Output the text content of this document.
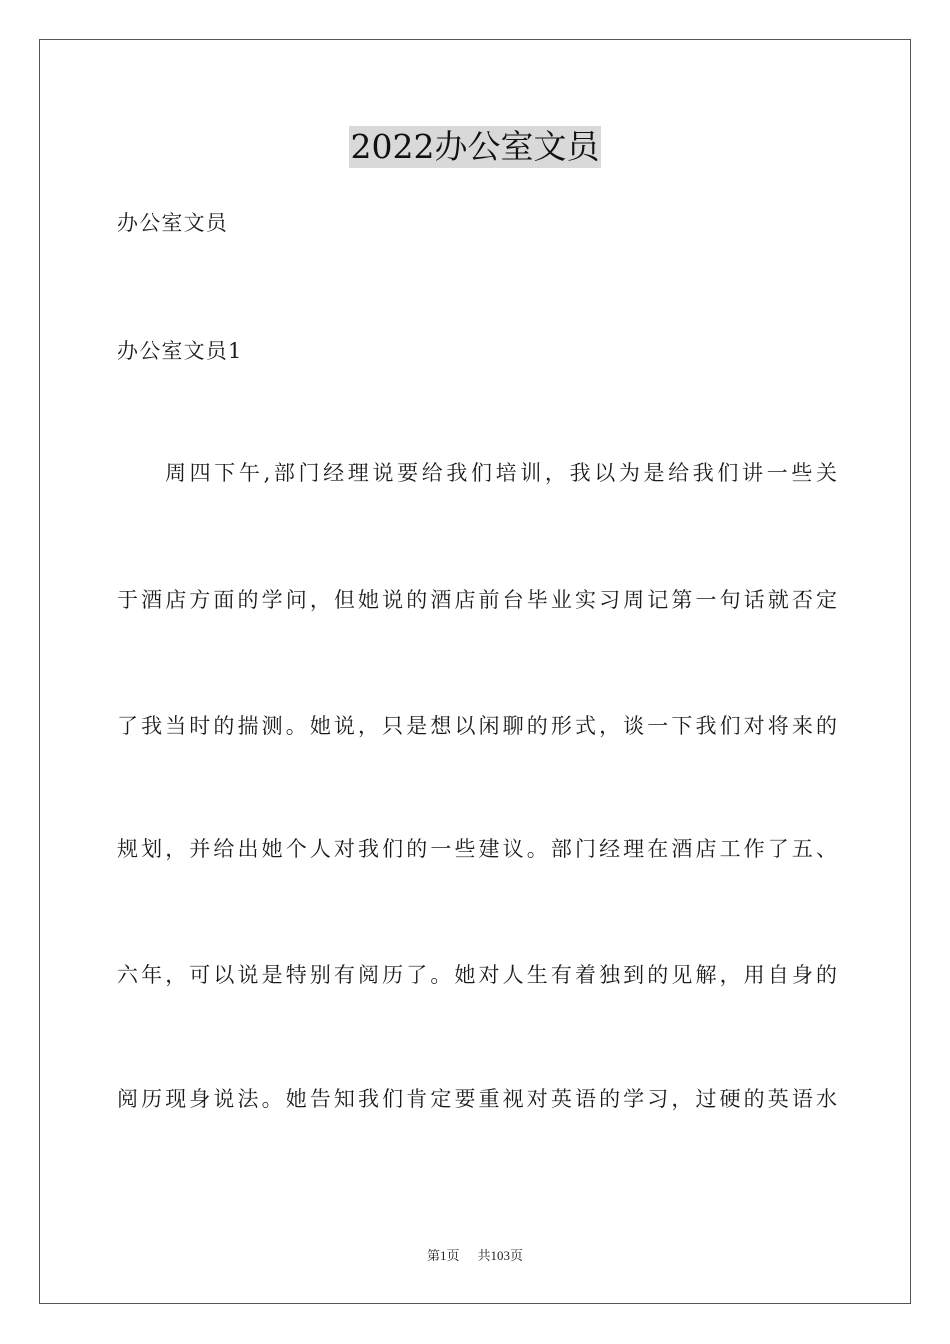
2022办公室文员
办公室文员
办公室文员1
周四下午,部门经理说要给我们培训，我以为是给我们讲一些关
于酒店方面的学问，但她说的酒店前台毕业实习周记第一句话就否定
了我当时的揣测。她说，只是想以闲聊的形式，谈一下我们对将来的
规划，并给出她个人对我们的一些建议。部门经理在酒店工作了五、
六年，可以说是特别有阅历了。她对人生有着独到的见解，用自身的
阅历现身说法。她告知我们肯定要重视对英语的学习，过硬的英语水
第1页 共103页
